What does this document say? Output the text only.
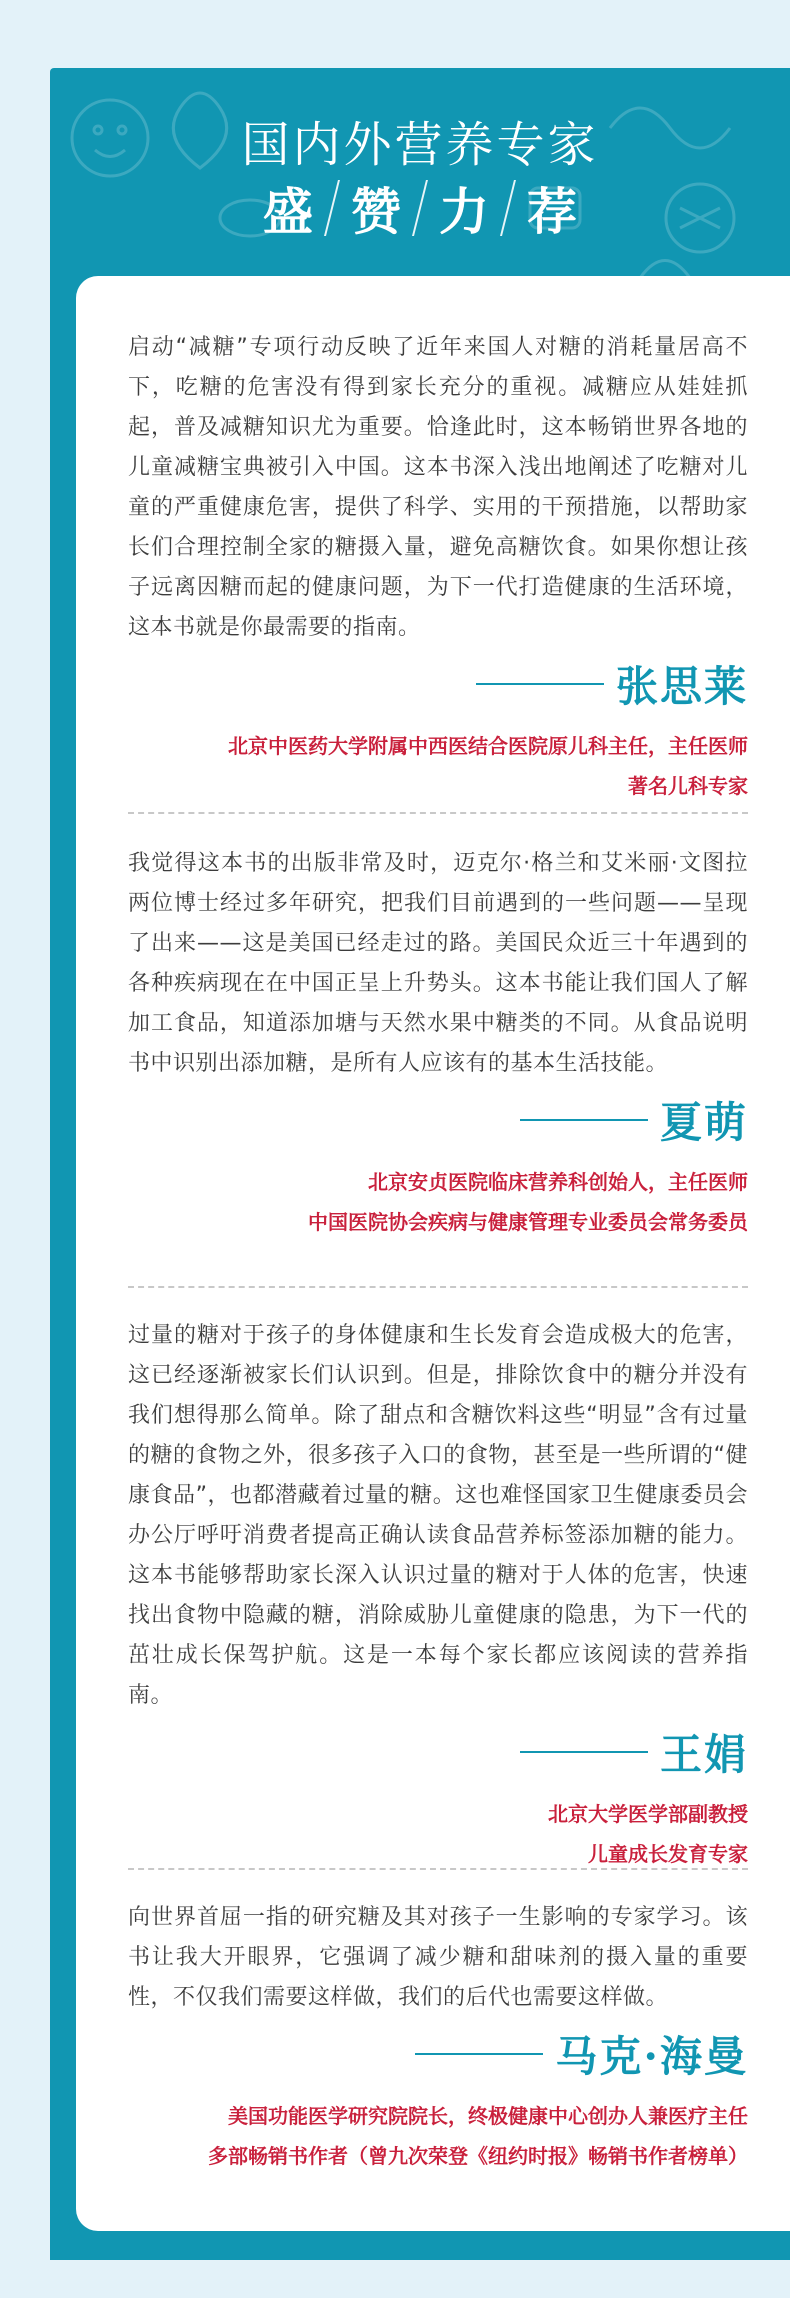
国内外营养专家
盛 赞 力 荐

启动“减糖”专项行动反映了近年来国人对糖的消耗量居高不下，吃糖的危害没有得到家长充分的重视。减糖应从娃娃抓起，普及减糖知识尤为重要。恰逢此时，这本畅销世界各地的儿童减糖宝典被引入中国。这本书深入浅出地阐述了吃糖对儿童的严重健康危害，提供了科学、实用的干预措施，以帮助家长们合理控制全家的糖摄入量，避免高糖饮食。如果你想让孩子远离因糖而起的健康问题，为下一代打造健康的生活环境，这本书就是你最需要的指南。

张思莱
北京中医药大学附属中西医结合医院原儿科主任，主任医师
著名儿科专家

我觉得这本书的出版非常及时，迈克尔·格兰和艾米丽·文图拉两位博士经过多年研究，把我们目前遇到的一些问题——呈现了出来——这是美国已经走过的路。美国民众近三十年遇到的各种疾病现在在中国正呈上升势头。这本书能让我们国人了解加工食品，知道添加塘与天然水果中糖类的不同。从食品说明书中识别出添加糖，是所有人应该有的基本生活技能。

夏萌
北京安贞医院临床营养科创始人，主任医师
中国医院协会疾病与健康管理专业委员会常务委员

过量的糖对于孩子的身体健康和生长发育会造成极大的危害，这已经逐渐被家长们认识到。但是，排除饮食中的糖分并没有我们想得那么简单。除了甜点和含糖饮料这些“明显”含有过量的糖的食物之外，很多孩子入口的食物，甚至是一些所谓的“健康食品”，也都潜藏着过量的糖。这也难怪国家卫生健康委员会办公厅呼吁消费者提高正确认读食品营养标签添加糖的能力。这本书能够帮助家长深入认识过量的糖对于人体的危害，快速找出食物中隐藏的糖，消除威胁儿童健康的隐患，为下一代的茁壮成长保驾护航。这是一本每个家长都应该阅读的营养指南。

王娟
北京大学医学部副教授
儿童成长发育专家

向世界首屈一指的研究糖及其对孩子一生影响的专家学习。该书让我大开眼界，它强调了减少糖和甜味剂的摄入量的重要性，不仅我们需要这样做，我们的后代也需要这样做。

马克·海曼
美国功能医学研究院院长，终极健康中心创办人兼医疗主任
多部畅销书作者（曾九次荣登《纽约时报》畅销书作者榜单）
